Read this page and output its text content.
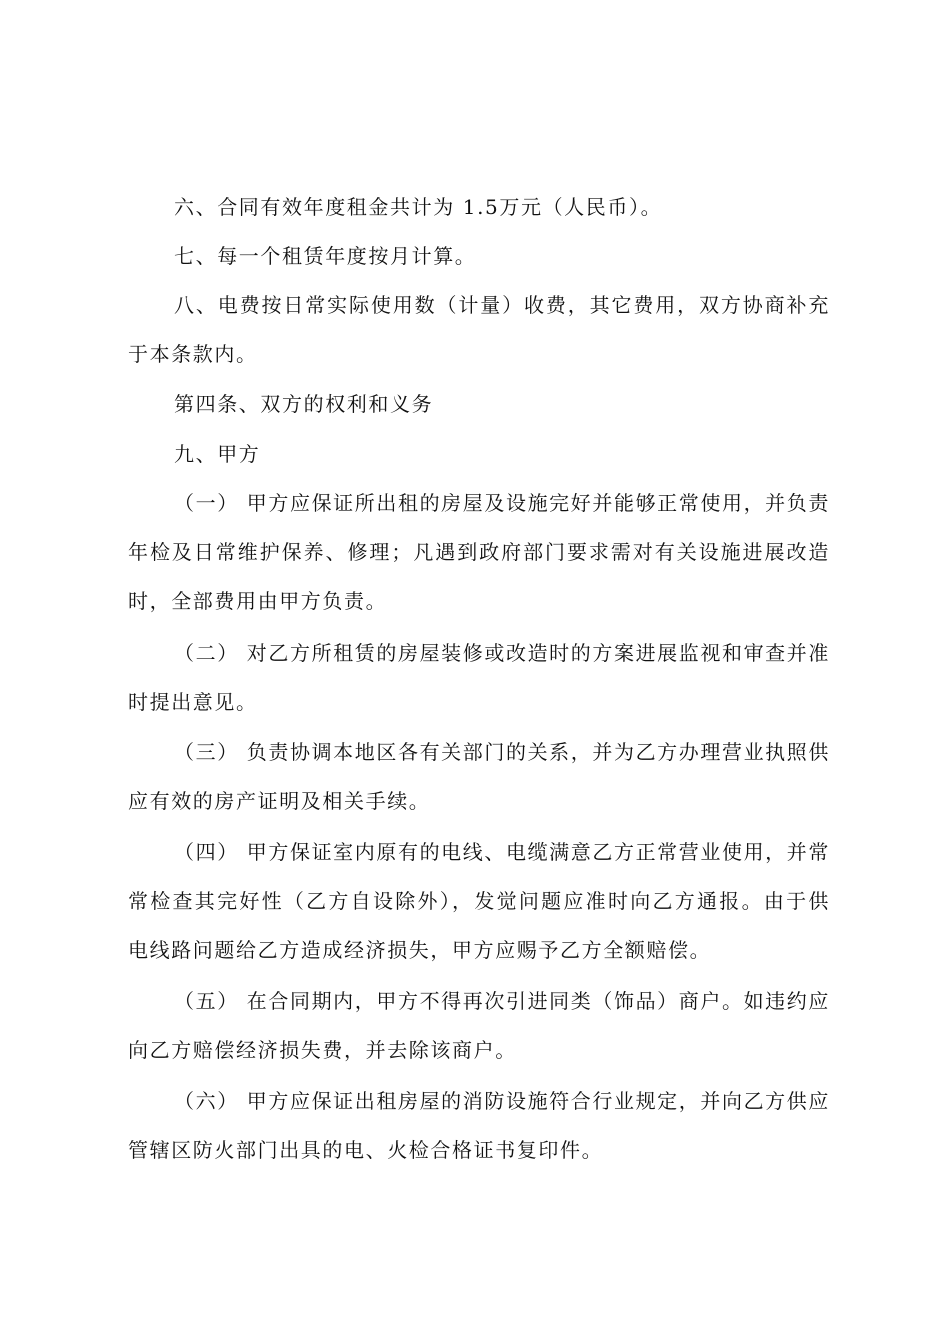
六、合同有效年度租金共计为 1.5万元（人民币）。

七、每一个租赁年度按月计算。

八、电费按日常实际使用数（计量）收费，其它费用，双方协商补充于本条款内。

第四条、双方的权利和义务

九、甲方

（一） 甲方应保证所出租的房屋及设施完好并能够正常使用，并负责年检及日常维护保养、修理；凡遇到政府部门要求需对有关设施进展改造时，全部费用由甲方负责。

（二） 对乙方所租赁的房屋装修或改造时的方案进展监视和审查并准时提出意见。

（三） 负责协调本地区各有关部门的关系，并为乙方办理营业执照供应有效的房产证明及相关手续。

（四） 甲方保证室内原有的电线、电缆满意乙方正常营业使用，并常常检查其完好性（乙方自设除外），发觉问题应准时向乙方通报。由于供电线路问题给乙方造成经济损失，甲方应赐予乙方全额赔偿。

（五） 在合同期内，甲方不得再次引进同类（饰品）商户。如违约应向乙方赔偿经济损失费，并去除该商户。

（六） 甲方应保证出租房屋的消防设施符合行业规定，并向乙方供应管辖区防火部门出具的电、火检合格证书复印件。
